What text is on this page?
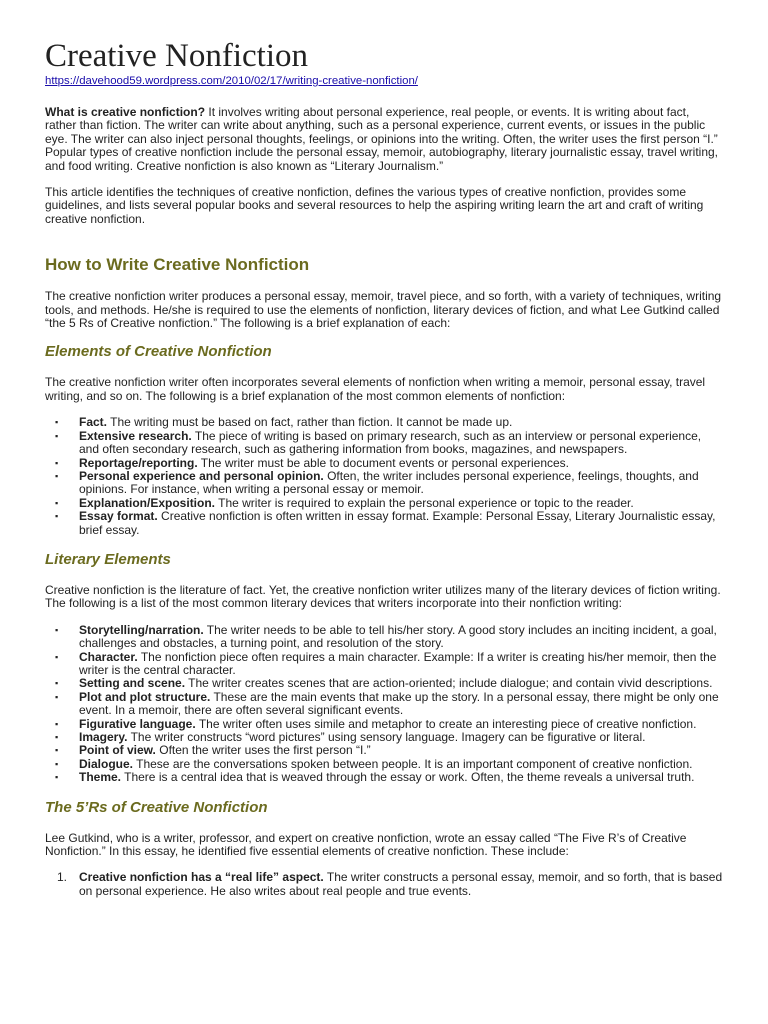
Creative Nonfiction
https://davehood59.wordpress.com/2010/02/17/writing-creative-nonfiction/

What is creative nonfiction? It involves writing about personal experience, real people, or events. It is writing about fact, rather than fiction. The writer can write about anything, such as a personal experience, current events, or issues in the public eye. The writer can also inject personal thoughts, feelings, or opinions into the writing. Often, the writer uses the first person “I.” Popular types of creative nonfiction include the personal essay, memoir, autobiography, literary journalistic essay, travel writing, and food writing. Creative nonfiction is also known as “Literary Journalism.”

This article identifies the techniques of creative nonfiction, defines the various types of creative nonfiction, provides some guidelines, and lists several popular books and several resources to help the aspiring writing learn the art and craft of writing creative nonfiction.

How to Write Creative Nonfiction

The creative nonfiction writer produces a personal essay, memoir, travel piece, and so forth, with a variety of techniques, writing tools, and methods. He/she is required to use the elements of nonfiction, literary devices of fiction, and what Lee Gutkind called “the 5 Rs of Creative nonfiction.” The following is a brief explanation of each:

Elements of Creative Nonfiction

The creative nonfiction writer often incorporates several elements of nonfiction when writing a memoir, personal essay, travel writing, and so on. The following is a brief explanation of the most common elements of nonfiction:

▪ Fact. The writing must be based on fact, rather than fiction. It cannot be made up.
▪ Extensive research. The piece of writing is based on primary research, such as an interview or personal experience, and often secondary research, such as gathering information from books, magazines, and newspapers.
▪ Reportage/reporting. The writer must be able to document events or personal experiences.
▪ Personal experience and personal opinion. Often, the writer includes personal experience, feelings, thoughts, and opinions. For instance, when writing a personal essay or memoir.
▪ Explanation/Exposition. The writer is required to explain the personal experience or topic to the reader.
▪ Essay format. Creative nonfiction is often written in essay format. Example: Personal Essay, Literary Journalistic essay, brief essay.
Literary Elements

Creative nonfiction is the literature of fact. Yet, the creative nonfiction writer utilizes many of the literary devices of fiction writing. The following is a list of the most common literary devices that writers incorporate into their nonfiction writing:

▪ Storytelling/narration. The writer needs to be able to tell his/her story. A good story includes an inciting incident, a goal, challenges and obstacles, a turning point, and resolution of the story.
▪ Character. The nonfiction piece often requires a main character. Example: If a writer is creating his/her memoir, then the writer is the central character.
▪ Setting and scene. The writer creates scenes that are action-oriented; include dialogue; and contain vivid descriptions.
▪ Plot and plot structure. These are the main events that make up the story. In a personal essay, there might be only one event. In a memoir, there are often several significant events.
▪ Figurative language. The writer often uses simile and metaphor to create an interesting piece of creative nonfiction.
▪ Imagery. The writer constructs “word pictures” using sensory language. Imagery can be figurative or literal.
▪ Point of view. Often the writer uses the first person “I.”
▪ Dialogue. These are the conversations spoken between people. It is an important component of creative nonfiction.
▪ Theme. There is a central idea that is weaved through the essay or work. Often, the theme reveals a universal truth.
The 5’Rs of Creative Nonfiction

Lee Gutkind, who is a writer, professor, and expert on creative nonfiction, wrote an essay called “The Five R’s of Creative Nonfiction.” In this essay, he identified five essential elements of creative nonfiction. These include:

1. Creative nonfiction has a “real life” aspect. The writer constructs a personal essay, memoir, and so forth, that is based on personal experience. He also writes about real people and true events.
